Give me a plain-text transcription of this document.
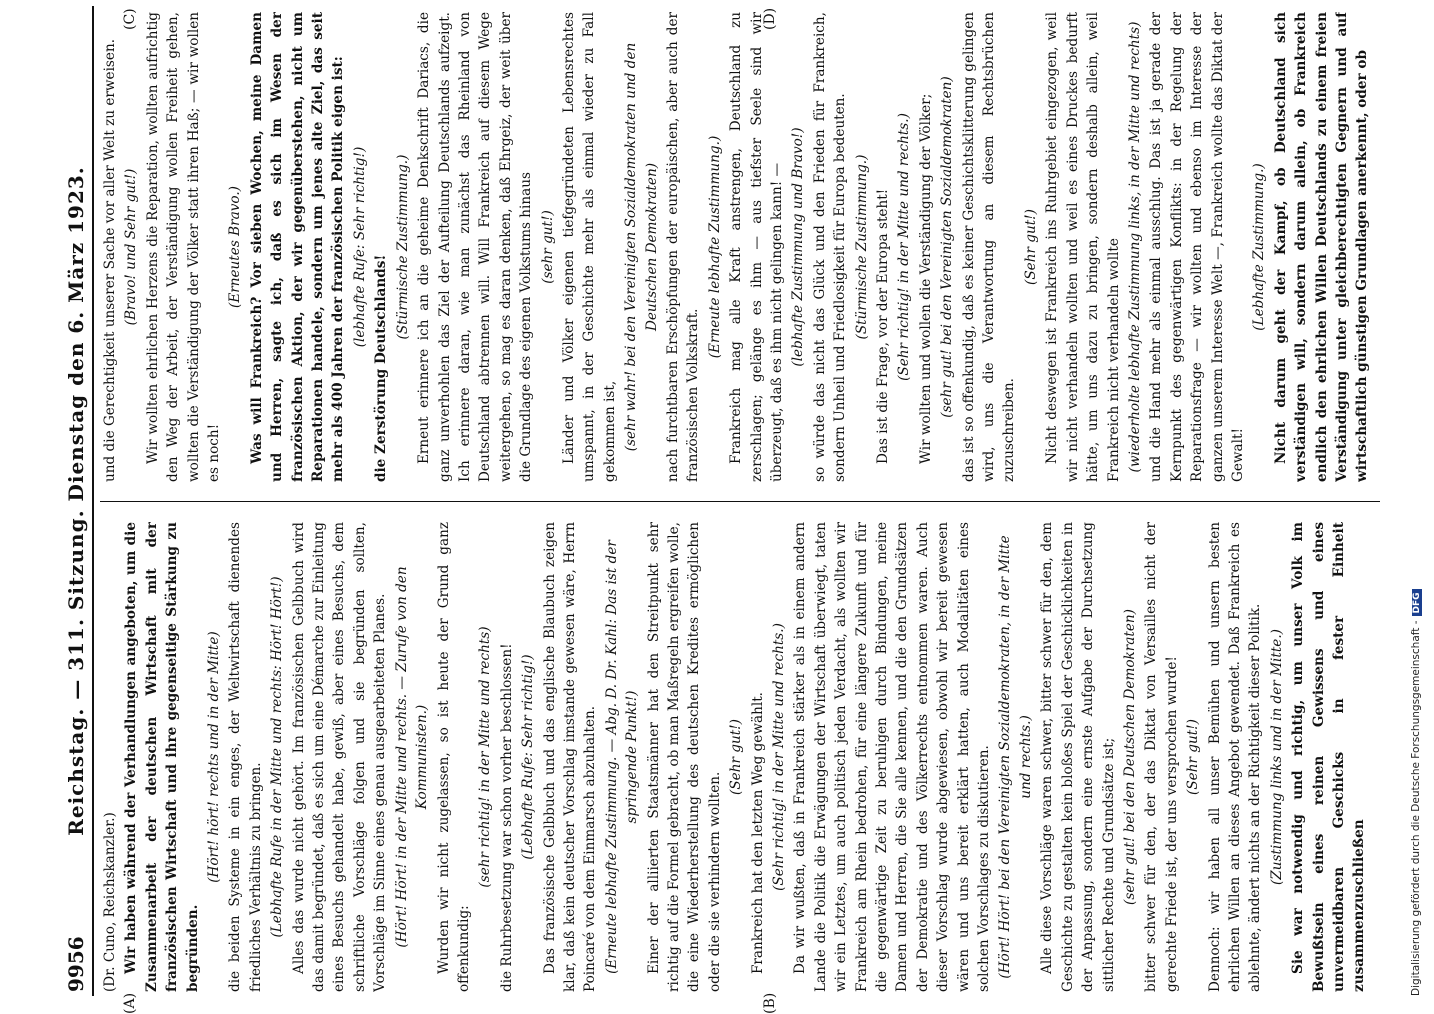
9956
Reichstag. — 311. Sitzung. Dienstag den 6. März 1923.

(Dr. Cuno, Reichskanzler.) Wir haben während der Verhandlungen angeboten, um die Zusammenarbeit der deutschen Wirtschaft mit der französischen Wirtschaft und ihre gegenseitige Stärkung zu begründen.

(Hört! hört! rechts und in der Mitte) die beiden Systeme in ein enges, der Weltwirtschaft dienendes friedliches Verhältnis zu bringen. (Lebhafte Rufe in der Mitte und rechts: Hört! Hört!) Alles das wurde nicht gehört. Im französischen Gelbbuch wird das damit begründet, daß es sich um eine Démarche zur Einleitung eines Besuchs gehandelt habe, gewiß, aber eines Besuchs, dem schriftliche Vorschläge folgen und sie begründen sollten, Vorschläge im Sinne eines genau ausgearbeiteten Planes. (Hört! Hört! in der Mitte und rechts. — Zurufe von den Kommunisten.) Wurden wir nicht zugelassen, so ist heute der Grund ganz offenkundig:

(sehr richtig! in der Mitte und rechts) die Ruhrbesetzung war schon vorher beschlossen! (Lebhafte Rufe: Sehr richtig!) Das französische Gelbbuch und das englische Blaubuch zeigen klar, daß kein deutscher Vorschlag imstande gewesen wäre, Herrn Poincaré von dem Einmarsch abzuhalten. (Erneute lebhafte Zustimmung. — Abg. D. Dr. Kahl: Das ist der springende Punkt!) Einer der alliierten Staatsmänner hat den Streitpunkt sehr richtig auf die Formel gebracht, ob man Maßregeln ergreifen wolle, die eine Wiederherstellung des deutschen Kredites ermöglichen oder die sie verhindern wollten.

(Sehr gut!) Frankreich hat den letzten Weg gewählt. (Sehr richtig! in der Mitte und rechts.) Da wir wußten, daß in Frankreich stärker als in einem andern Lande die Politik die Erwägungen der Wirtschaft überwiegt, taten wir ein Letztes, um auch politisch jeden Verdacht, als wollten wir Frankreich am Rhein bedrohen, für eine längere Zukunft und für die gegenwärtige Zeit zu beruhigen durch Bindungen, meine Damen und Herren, die Sie alle kennen, und die den Grundsätzen der Demokratie und des Völkerrechts entnommen waren. Auch dieser Vorschlag wurde abgewiesen, obwohl wir bereit gewesen wären und uns bereit erklärt hatten, auch Modalitäten eines solchen Vorschlages zu diskutieren. (Hört! Hört! bei den Vereinigten Sozialdemokraten, in der Mitte und rechts.) Alle diese Vorschläge waren schwer, bitter schwer für den, dem Geschichte zu gestalten kein bloßes Spiel der Geschicklichkeiten in der Anpassung, sondern eine ernste Aufgabe der Durchsetzung sittlicher Rechte und Grundsätze ist; (sehr gut! bei den Deutschen Demokraten) bitter schwer für den, der das Diktat von Versailles nicht der gerechte Friede ist, der uns versprochen wurde! (Sehr gut!) Dennoch: wir haben all unser Bemühen und unsern besten ehrlichen Willen an dieses Angebot gewendet. Daß Frankreich es ablehnte, ändert nichts an der Richtigkeit dieser Politik. (Zustimmung links und in der Mitte.) Sie war notwendig und richtig, um unser Volk im Bewußtsein eines reinen Gewissens und eines unvermeidbaren Geschicks in fester Einheit zusammenzuschließen

und die Gerechtigkeit unserer Sache vor aller Welt zu erweisen. (Bravo! und Sehr gut!) Wir wollten ehrlichen Herzens die Reparation, wollten aufrichtig den Weg der Arbeit, der Verständigung wollen Freiheit gehen, wollten die Verständigung der Völker statt ihren Haß; — wir wollen es noch!

(Erneutes Bravo.) Was will Frankreich? Vor sieben Wochen, meine Damen und Herren, sagte ich, daß es sich im Wesen der französischen Aktion, der wir gegenüberstehen, nicht um Reparationen handele, sondern um jenes alte Ziel, das seit mehr als 400 Jahren der französischen Politik eigen ist: (lebhafte Rufe: Sehr richtig!)

die Zerstörung Deutschlands!

(Stürmische Zustimmung.) Erneut erinnere ich an die geheime Denkschrift Dariacs, die ganz unverhohlen das Ziel der Aufteilung Deutschlands aufzeigt. Ich erinnere daran, wie man zunächst das Rheinland von Deutschland abtrennen will. Will Frankreich auf diesem Wege weitergehen, so mag es daran denken, daß Ehrgeiz, der weit über die Grundlage des eigenen Volkstums hinaus (sehr gut!) Länder und Völker eigenen tiefgegründeten Lebensrechtes umspannt, in der Geschichte mehr als einmal wieder zu Fall gekommen ist, (sehr wahr! bei den Vereinigten Sozialdemokraten und den Deutschen Demokraten) nach furchtbaren Erschöpfungen der europäischen, aber auch der französischen Volkskraft.

(Erneute lebhafte Zustimmung.) Frankreich mag alle Kraft anstrengen, Deutschland zu zerschlagen; gelänge es ihm — aus tiefster Seele sind wir überzeugt, daß es ihm nicht gelingen kann! — (lebhafte Zustimmung und Bravo!) so würde das nicht das Glück und den Frieden für Frankreich, sondern Unheil und Friedlosigkeit für Europa bedeuten. (Stürmische Zustimmung.) Das ist die Frage, vor der Europa steht! (Sehr richtig! in der Mitte und rechts.) Wir wollten und wollen die Verständigung der Völker; (sehr gut! bei den Vereinigten Sozialdemokraten) das ist so offenkundig, daß es keiner Geschichtsklitterung gelingen wird, uns die Verantwortung an diesem Rechtsbrüchen zuzuschreiben.

(Sehr gut!) Nicht deswegen ist Frankreich ins Ruhrgebiet eingezogen, weil wir nicht verhandeln wollten und weil es eines Druckes bedurft hätte, um uns dazu zu bringen, sondern deshalb allein, weil Frankreich nicht verhandeln wollte (wiederholte lebhafte Zustimmung links, in der Mitte und rechts) und die Hand mehr als einmal ausschlug. Das ist ja gerade der Kernpunkt des gegenwärtigen Konflikts: in der Regelung der Reparationsfrage — wir wollten und ebenso im Interesse der ganzen unserem Interesse Welt —, Frankreich wollte das Diktat der Gewalt!

(Lebhafte Zustimmung.) Nicht darum geht der Kampf, ob Deutschland sich verständigen will, sondern darum allein, ob Frankreich endlich den ehrlichen Willen Deutschlands zu einem freien Verständigung unter gleichberechtigten Gegnern und auf wirtschaftlich günstigen Grundlagen anerkennt, oder ob

(A)	(B)
(C)	(D)
Digitalisierung gefördert durch die Deutsche Forschungsgemeinschaft -DFG
